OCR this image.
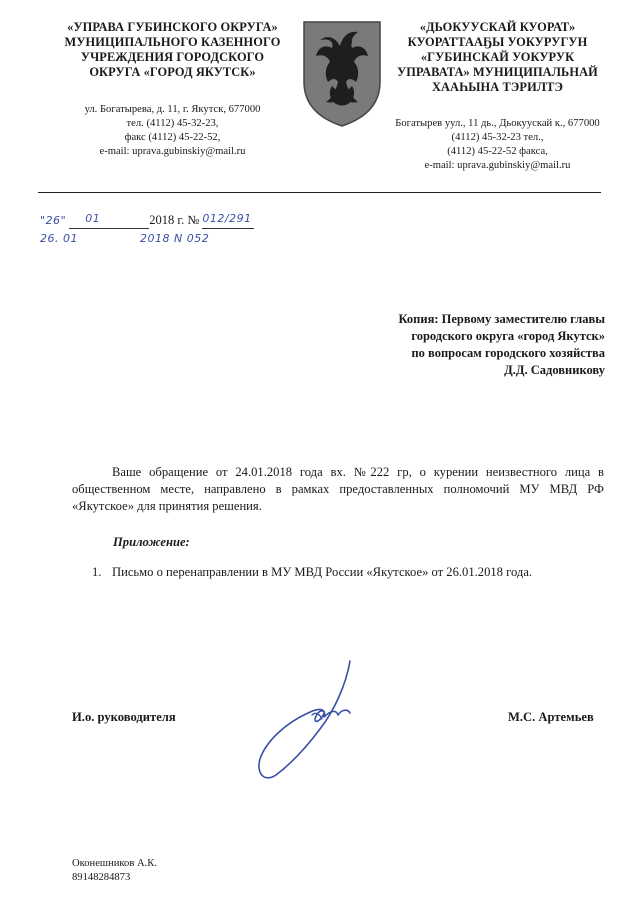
«УПРАВА ГУБИНСКОГО ОКРУГА»
МУНИЦИПАЛЬНОГО КАЗЕННОГО
УЧРЕЖДЕНИЯ ГОРОДСКОГО
ОКРУГА «ГОРОД ЯКУТСК»
ул. Богатырева, д. 11, г. Якутск, 677000
тел. (4112) 45-32-23,
факс (4112) 45-22-52,
e-mail: uprava.gubinskiy@mail.ru
«ДЬОКУУСКАЙ КУОРАТ»
КУОРАТТААҔЫ УОКУРУГУН
«ГУБИНСКАЙ УОКУРУК
УПРАВАТА» МУНИЦИПАЛЬНАЙ
ХААҺЫНА ТЭРИЛТЭ
Богатырев уул., 11 дь., Дьокуускай к., 677000
(4112) 45-32-23 тел.,
(4112) 45-22-52 факса,
e-mail: uprava.gubinskiy@mail.ru
"26" 01	2018 г. № 012/291
26. 01	2018 N 052
Копия: Первому заместителю главы
городского округа «город Якутск»
по вопросам городского хозяйства
Д.Д. Садовникову
Ваше обращение от 24.01.2018 года вх. №222 гр, о курении неизвестного лица в общественном месте, направлено в рамках предоставленных полномочий МУ МВД РФ «Якутское» для принятия решения.
Приложение:
1. Письмо о перенаправлении в МУ МВД России «Якутское» от 26.01.2018 года.
И.о. руководителя	М.С. Артемьев
Оконешников А.К.
89148284873
